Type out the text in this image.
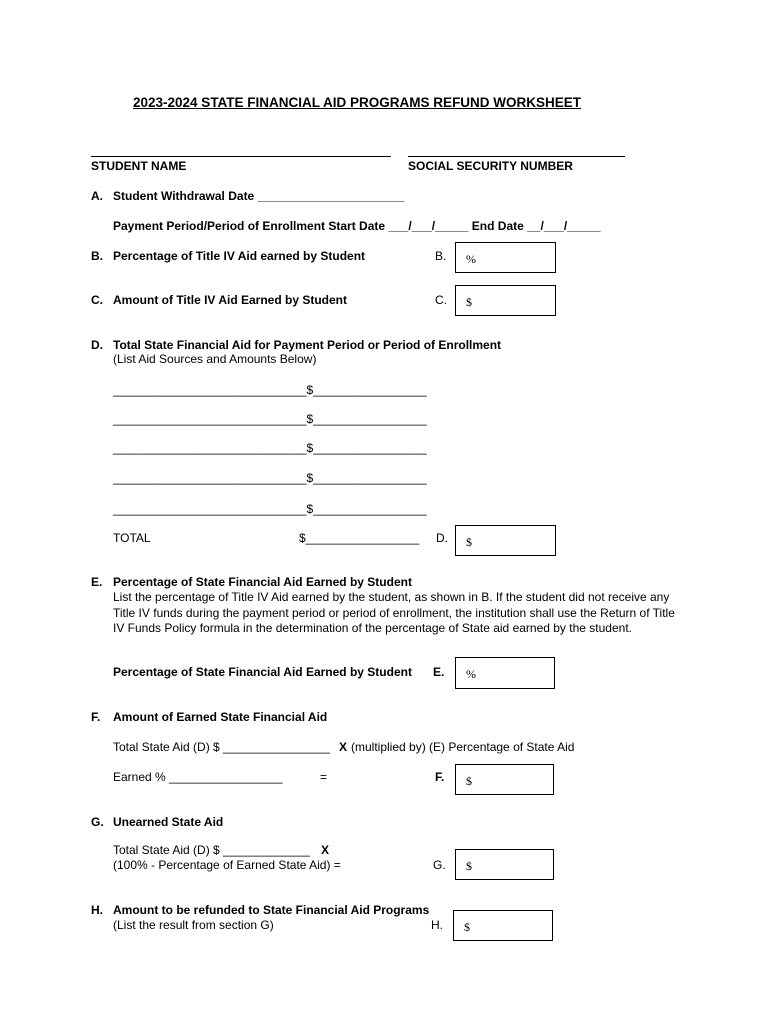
2023-2024 STATE FINANCIAL AID PROGRAMS REFUND WORKSHEET
STUDENT NAME	SOCIAL SECURITY NUMBER
A. Student Withdrawal Date ______________________
Payment Period/Period of Enrollment Start Date ___/___/_____ End Date __/___/_____
B. Percentage of Title IV Aid earned by Student	B. %
C. Amount of Title IV Aid Earned by Student	C. $
D. Total State Financial Aid for Payment Period or Period of Enrollment
(List Aid Sources and Amounts Below)
_____________________________$_________________
_____________________________$_________________
_____________________________$_________________
_____________________________$_________________
_____________________________$_________________
TOTAL	$_________________ D. $
E. Percentage of State Financial Aid Earned by Student
List the percentage of Title IV Aid earned by the student, as shown in B. If the student did not receive any Title IV funds during the payment period or period of enrollment, the institution shall use the Return of Title IV Funds Policy formula in the determination of the percentage of State aid earned by the student.
Percentage of State Financial Aid Earned by Student E. %
F. Amount of Earned State Financial Aid
Total State Aid (D) $ ________________ X (multiplied by) (E) Percentage of State Aid
Earned % _________________	=	F. $
G. Unearned State Aid
Total State Aid (D) $ _____________ X
(100% - Percentage of Earned State Aid) =	G. $
H. Amount to be refunded to State Financial Aid Programs
(List the result from section G)	H. $
